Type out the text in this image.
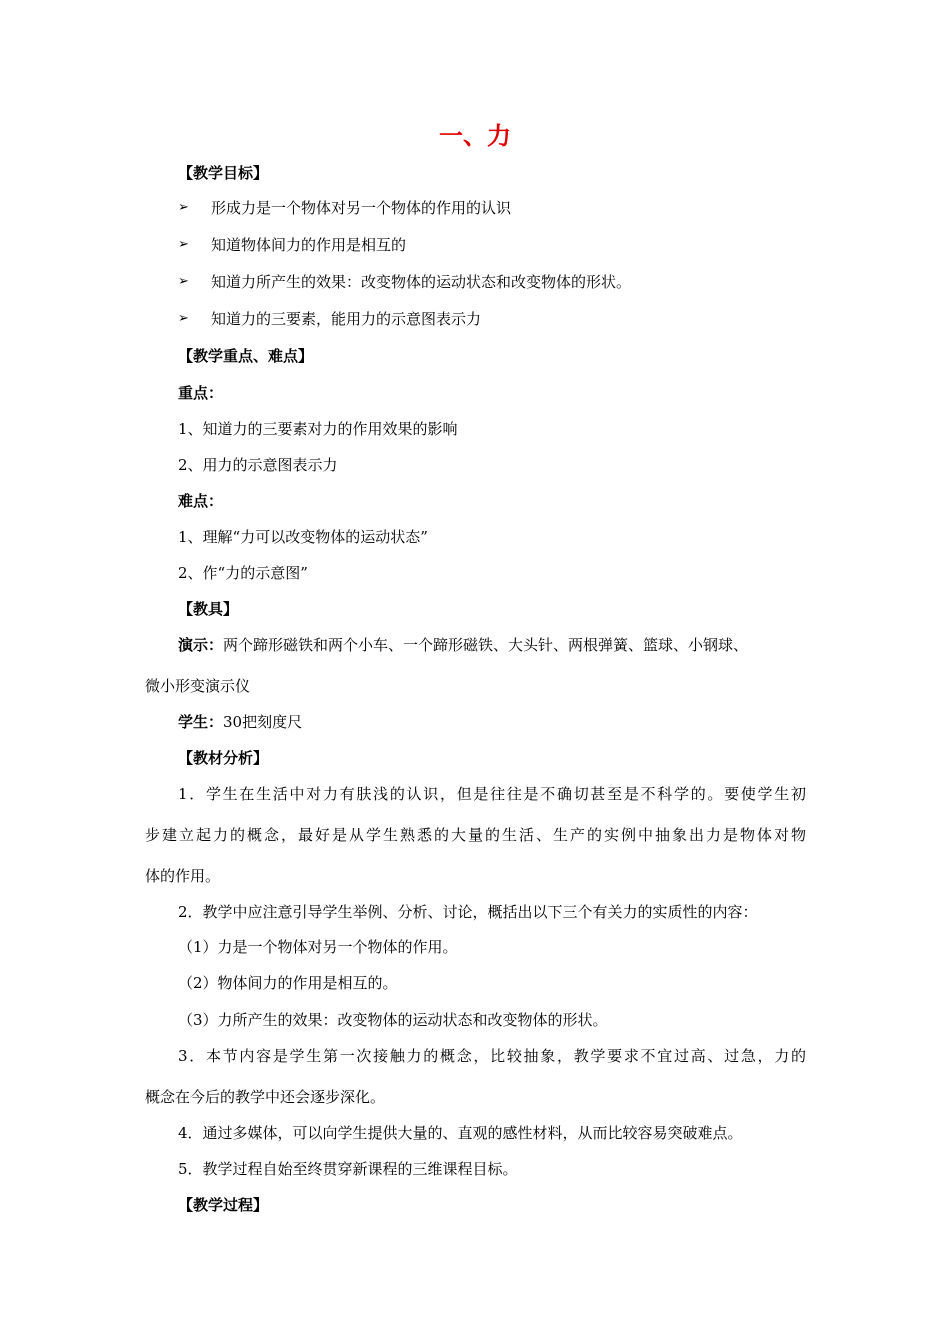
一、力
【教学目标】
➢ 形成力是一个物体对另一个物体的作用的认识
➢ 知道物体间力的作用是相互的
➢ 知道力所产生的效果：改变物体的运动状态和改变物体的形状。
➢ 知道力的三要素，能用力的示意图表示力
【教学重点、难点】
重点：
1、知道力的三要素对力的作用效果的影响
2、用力的示意图表示力
难点：
1、理解“力可以改变物体的运动状态”
2、作“力的示意图”
【教具】
演示：两个蹄形磁铁和两个小车、一个蹄形磁铁、大头针、两根弹簧、篮球、小钢球、
微小形变演示仪
学生：30把刻度尺
【教材分析】
1．学生在生活中对力有肤浅的认识，但是往往是不确切甚至是不科学的。要使学生初
步建立起力的概念，最好是从学生熟悉的大量的生活、生产的实例中抽象出力是物体对物
体的作用。
2．教学中应注意引导学生举例、分析、讨论，概括出以下三个有关力的实质性的内容：
（1）力是一个物体对另一个物体的作用。
（2）物体间力的作用是相互的。
（3）力所产生的效果：改变物体的运动状态和改变物体的形状。
3．本节内容是学生第一次接触力的概念，比较抽象，教学要求不宜过高、过急，力的
概念在今后的教学中还会逐步深化。
4．通过多媒体，可以向学生提供大量的、直观的感性材料，从而比较容易突破难点。
5．教学过程自始至终贯穿新课程的三维课程目标。
【教学过程】
